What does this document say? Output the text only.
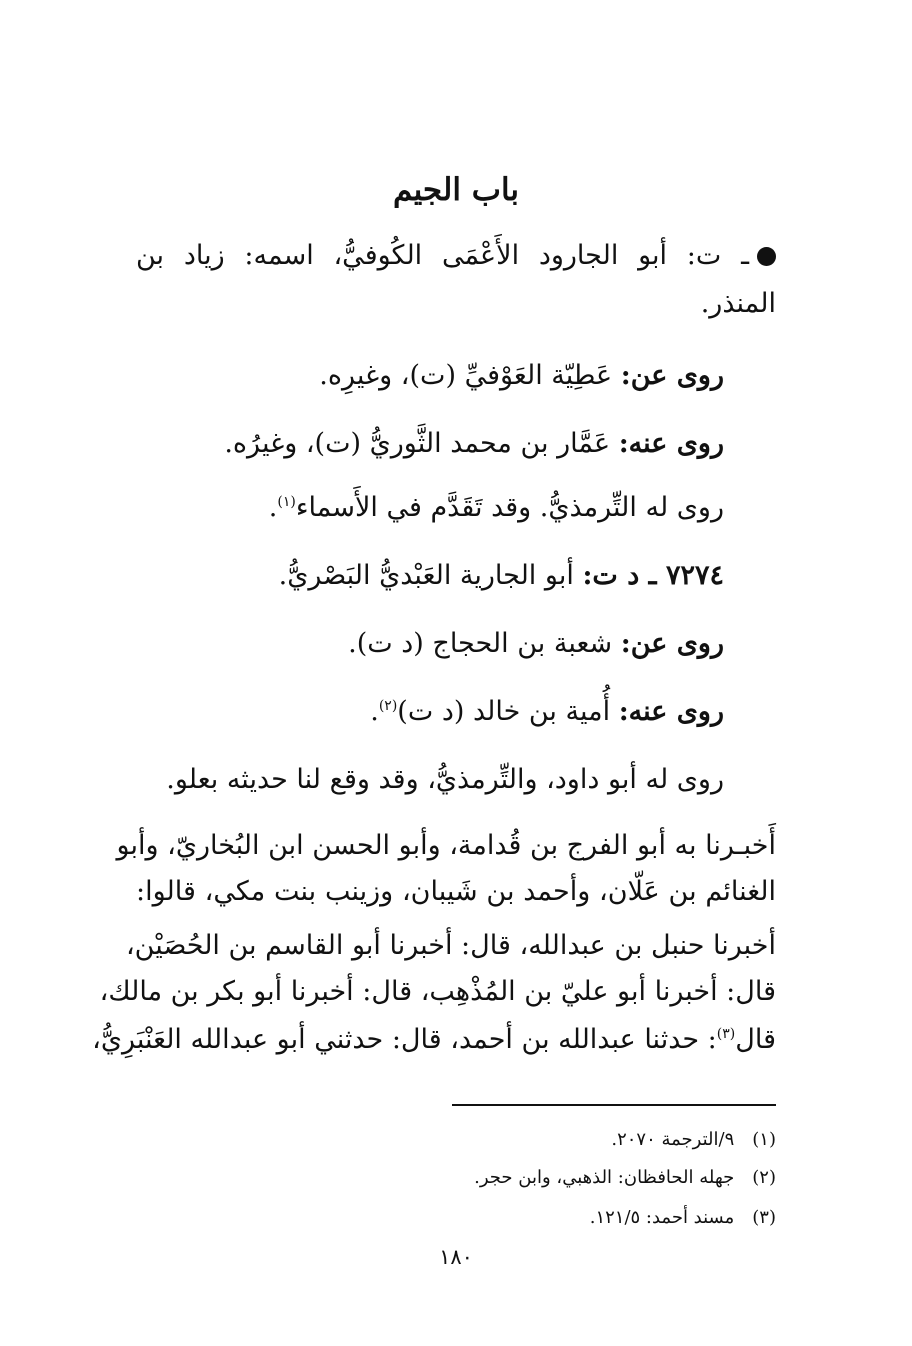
باب الجيم
ـ ت: أبو الجارود الأَعْمَى الكُوفيُّ، اسمه: زياد بن
المنذر.
روى عن: عَطِيّة العَوْفيِّ (ت)، وغيرِه.
روى عنه: عَمَّار بن محمد الثَّوريُّ (ت)، وغيرُه.
روى له التِّرمذيُّ. وقد تَقَدَّم في الأَسماء$^{(١)}$.
٧٢٧٤ ـ د ت: أبو الجارية العَبْديُّ البَصْريُّ.
روى عن: شعبة بن الحجاج (د ت).
روى عنه: أُمية بن خالد (د ت)$^{(٢)}$.
روى له أبو داود، والتِّرمذيُّ، وقد وقع لنا حديثه بعلو.
أَخبـرنا به أبو الفرج بن قُدامة، وأبو الحسن ابن البُخاريّ، وأبو
الغنائم بن عَلّان، وأحمد بن شَيبان، وزينب بنت مكي، قالوا:
أخبرنا حنبل بن عبدالله، قال: أخبرنا أبو القاسم بن الحُصَيْن،
قال: أخبرنا أبو عليّ بن المُذْهِب، قال: أخبرنا أبو بكر بن مالك،
قال$^{(٣)}$: حدثنا عبدالله بن أحمد، قال: حدثني أبو عبدالله العَنْبَرِيُّ،
(١)٩/الترجمة ٢٠٧٠.
(٢)جهله الحافظان: الذهبي، وابن حجر.
(٣)مسند أحمد: ١٢١/٥.
١٨٠
